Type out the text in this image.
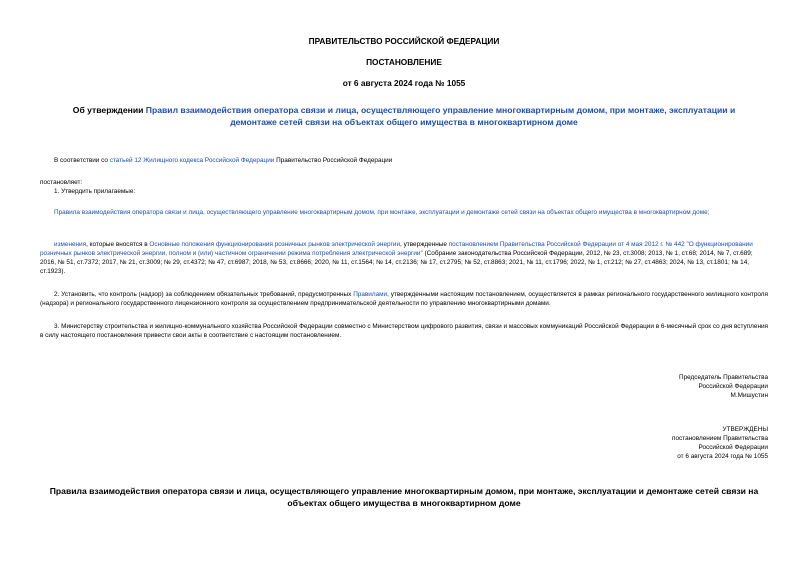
ПРАВИТЕЛЬСТВО РОССИЙСКОЙ ФЕДЕРАЦИИ
ПОСТАНОВЛЕНИЕ
от 6 августа 2024 года № 1055
Об утверждении Правил взаимодействия оператора связи и лица, осуществляющего управление многоквартирным домом, при монтаже, эксплуатации и демонтаже сетей связи на объектах общего имущества в многоквартирном доме
В соответствии со статьей 12 Жилищного кодекса Российской Федерации Правительство Российской Федерации
постановляет:
1. Утвердить прилагаемые:
Правила взаимодействия оператора связи и лица, осуществляющего управление многоквартирным домом, при монтаже, эксплуатации и демонтаже сетей связи на объектах общего имущества в многоквартирном доме;
изменения, которые вносятся в Основные положения функционирования розничных рынков электрической энергии, утвержденные постановлением Правительства Российской Федерации от 4 мая 2012 г. № 442 "О функционировании розничных рынков электрической энергии, полном и (или) частичном ограничении режима потребления электрической энергии" (Собрание законодательства Российской Федерации, 2012, № 23, ст.3008; 2013, № 1, ст.68; 2014, № 7, ст.689; 2016, № 51, ст.7372; 2017, № 21, ст.3009; № 29, ст.4372; № 47, ст.6987; 2018, № 53, ст.8666; 2020, № 11, ст.1564; № 14, ст.2136; № 17, ст.2795; № 52, ст.8863; 2021, № 11, ст.1796; 2022, № 1, ст.212; № 27, ст.4863; 2024, № 13, ст.1801; № 14, ст.1923).
2. Установить, что контроль (надзор) за соблюдением обязательных требований, предусмотренных Правилами, утвержденными настоящим постановлением, осуществляется в рамках регионального государственного жилищного контроля (надзора) и регионального государственного лицензионного контроля за осуществлением предпринимательской деятельности по управлению многоквартирными домами.
3. Министерству строительства и жилищно-коммунального хозяйства Российской Федерации совместно с Министерством цифрового развития, связи и массовых коммуникаций Российской Федерации в 6-месячный срок со дня вступления в силу настоящего постановления привести свои акты в соответствие с настоящим постановлением.
Председатель Правительства
Российской Федерации
М.Мишустин
УТВЕРЖДЕНЫ
постановлением Правительства
Российской Федерации
от 6 августа 2024 года № 1055
Правила взаимодействия оператора связи и лица, осуществляющего управление многоквартирным домом, при монтаже, эксплуатации и демонтаже сетей связи на объектах общего имущества в многоквартирном доме
